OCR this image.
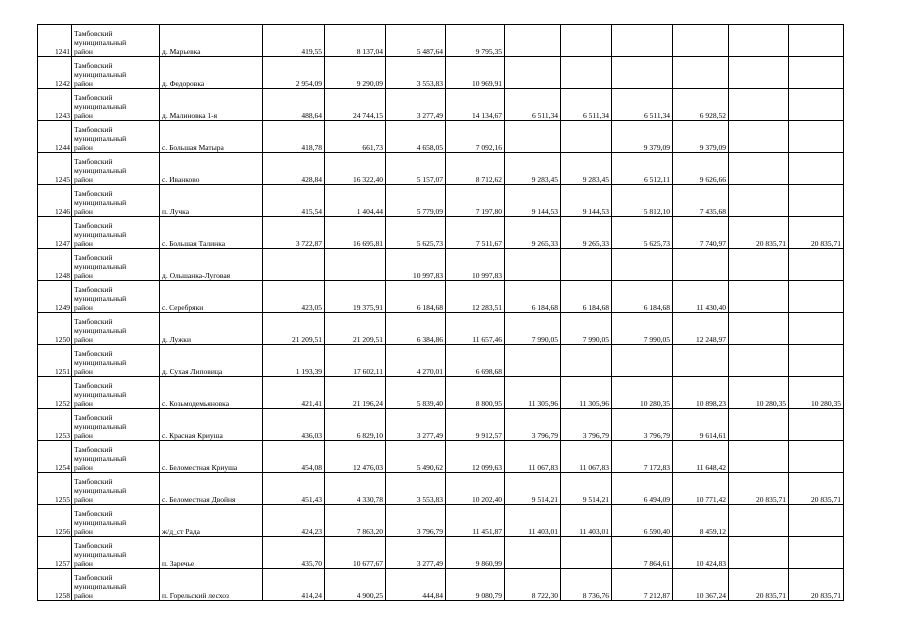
1241	Тамбовский
муниципальный
район	д. Марьевка	419,55	8 137,04	5 487,64	9 795,35						
1242	Тамбовский
муниципальный
район	д. Федоровка	2 954,09	9 290,09	3 553,83	10 969,91						
1243	Тамбовский
муниципальный
район	д. Малиновка 1-я	488,64	24 744,15	3 277,49	14 134,67	6 511,34	6 511,34	6 511,34	6 928,52		
1244	Тамбовский
муниципальный
район	с. Большая Матыра	418,78	661,73	4 658,05	7 092,16			9 379,09	9 379,09		
1245	Тамбовский
муниципальный
район	с. Иванково	428,84	16 322,40	5 157,07	8 712,62	9 283,45	9 283,45	6 512,11	9 626,66		
1246	Тамбовский
муниципальный
район	п. Лучка	415,54	1 404,44	5 779,09	7 197,80	9 144,53	9 144,53	5 812,10	7 435,68		
1247	Тамбовский
муниципальный
район	с. Большая Талинка	3 722,87	16 695,81	5 625,73	7 511,67	9 265,33	9 265,33	5 625,73	7 740,97	20 835,71	20 835,71
1248	Тамбовский
муниципальный
район	д. Ольшанка-Луговая			10 997,83	10 997,83						
1249	Тамбовский
муниципальный
район	с. Серебряки	423,05	19 375,91	6 184,68	12 283,51	6 184,68	6 184,68	6 184,68	11 430,40		
1250	Тамбовский
муниципальный
район	д. Лужки	21 209,51	21 209,51	6 384,86	11 657,46	7 990,05	7 990,05	7 990,05	12 248,97		
1251	Тамбовский
муниципальный
район	д. Сухая Липовица	1 193,39	17 602,11	4 270,01	6 698,68						
1252	Тамбовский
муниципальный
район	с. Козьмодемьяновка	421,41	21 196,24	5 839,40	8 800,95	11 305,96	11 305,96	10 280,35	10 898,23	10 280,35	10 280,35
1253	Тамбовский
муниципальный
район	с. Красная Криуша	436,03	6 829,10	3 277,49	9 912,57	3 796,79	3 796,79	3 796,79	9 614,61		
1254	Тамбовский
муниципальный
район	с. Беломестная Криуша	454,08	12 476,03	5 490,62	12 099,63	11 067,83	11 067,83	7 172,83	11 648,42		
1255	Тамбовский
муниципальный
район	с. Беломестная Двойня	451,43	4 330,78	3 553,83	10 202,40	9 514,21	9 514,21	6 494,09	10 771,42	20 835,71	20 835,71
1256	Тамбовский
муниципальный
район	ж/д_ст Рада	424,23	7 863,20	3 796,79	11 451,87	11 403,01	11 403,01	6 590,40	8 459,12		
1257	Тамбовский
муниципальный
район	п. Заречье	435,70	10 677,67	3 277,49	9 860,99			7 864,61	10 424,83		
1258	Тамбовский
муниципальный
район	п. Горельский лесхоз	414,24	4 900,25	444,84	9 080,79	8 722,30	8 736,76	7 212,87	10 367,24	20 835,71	20 835,71
